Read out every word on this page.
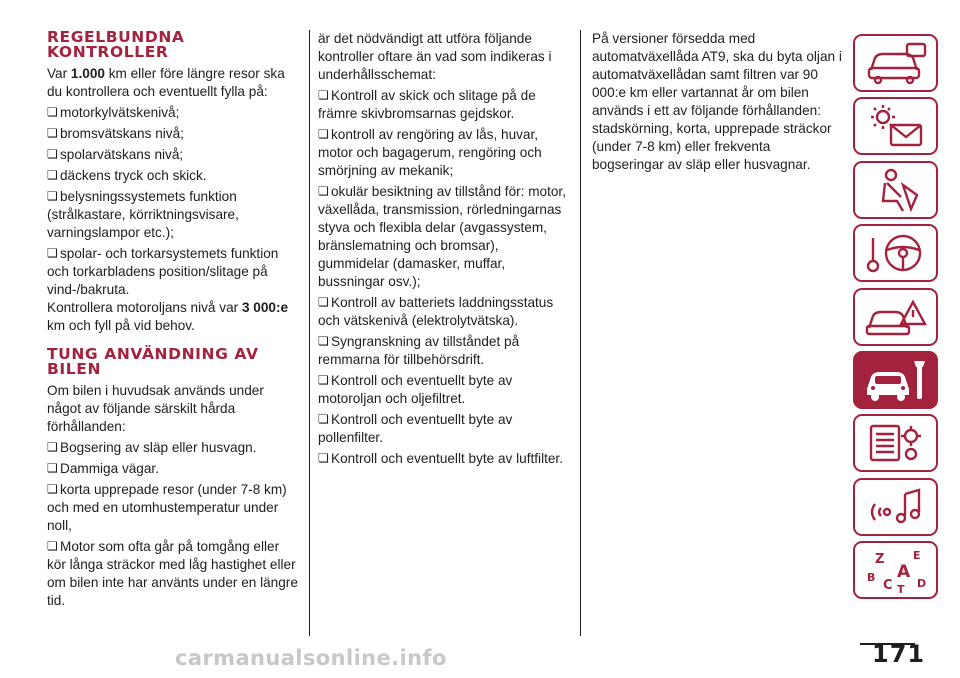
REGELBUNDNA KONTROLLER

Var 1.000 km eller före längre resor ska du kontrollera och eventuellt fylla på:

❏motorkylvätskenivå;

❏bromsvätskans nivå;

❏spolarvätskans nivå;

❏däckens tryck och skick.

❏belysningssystemets funktion (strålkastare, körriktningsvisare, varningslampor etc.);

❏spolar- och torkarsystemets funktion och torkarbladens position/slitage på vind-/bakruta.

Kontrollera motoroljans nivå var 3 000:e km och fyll på vid behov.

TUNG ANVÄNDNING AV BILEN

Om bilen i huvudsak används under något av följande särskilt hårda förhållanden:

❏Bogsering av släp eller husvagn.

❏Dammiga vägar.

❏korta upprepade resor (under 7-8 km) och med en utomhustemperatur under noll,

❏Motor som ofta går på tomgång eller kör långa sträckor med låg hastighet eller om bilen inte har använts under en längre tid.

är det nödvändigt att utföra följande kontroller oftare än vad som indikeras i underhållsschemat:

❏Kontroll av skick och slitage på de främre skivbromsarnas gejdskor.

❏kontroll av rengöring av lås, huvar, motor och bagagerum, rengöring och smörjning av mekanik;

❏okulär besiktning av tillstånd för: motor, växellåda, transmission, rörledningarnas styva och flexibla delar (avgassystem, bränslematning och bromsar), gummidelar (damasker, muffar, bussningar osv.);

❏Kontroll av batteriets laddningsstatus och vätskenivå (elektrolytvätska).

❏Syngranskning av tillståndet på remmarna för tillbehörsdrift.

❏Kontroll och eventuellt byte av motoroljan och oljefiltret.

❏Kontroll och eventuellt byte av pollenfilter.

❏Kontroll och eventuellt byte av luftfilter.

På versioner försedda med automatväxellåda AT9, ska du byta oljan i automatväxellådan samt filtren var 90 000:e km eller vartannat år om bilen används i ett av följande förhållanden: stadskörning, korta, upprepade sträckor (under 7-8 km) eller frekventa bogseringar av släp eller husvagnar.

Z	E
B A
C D
T
171
carmanualsonline.info
